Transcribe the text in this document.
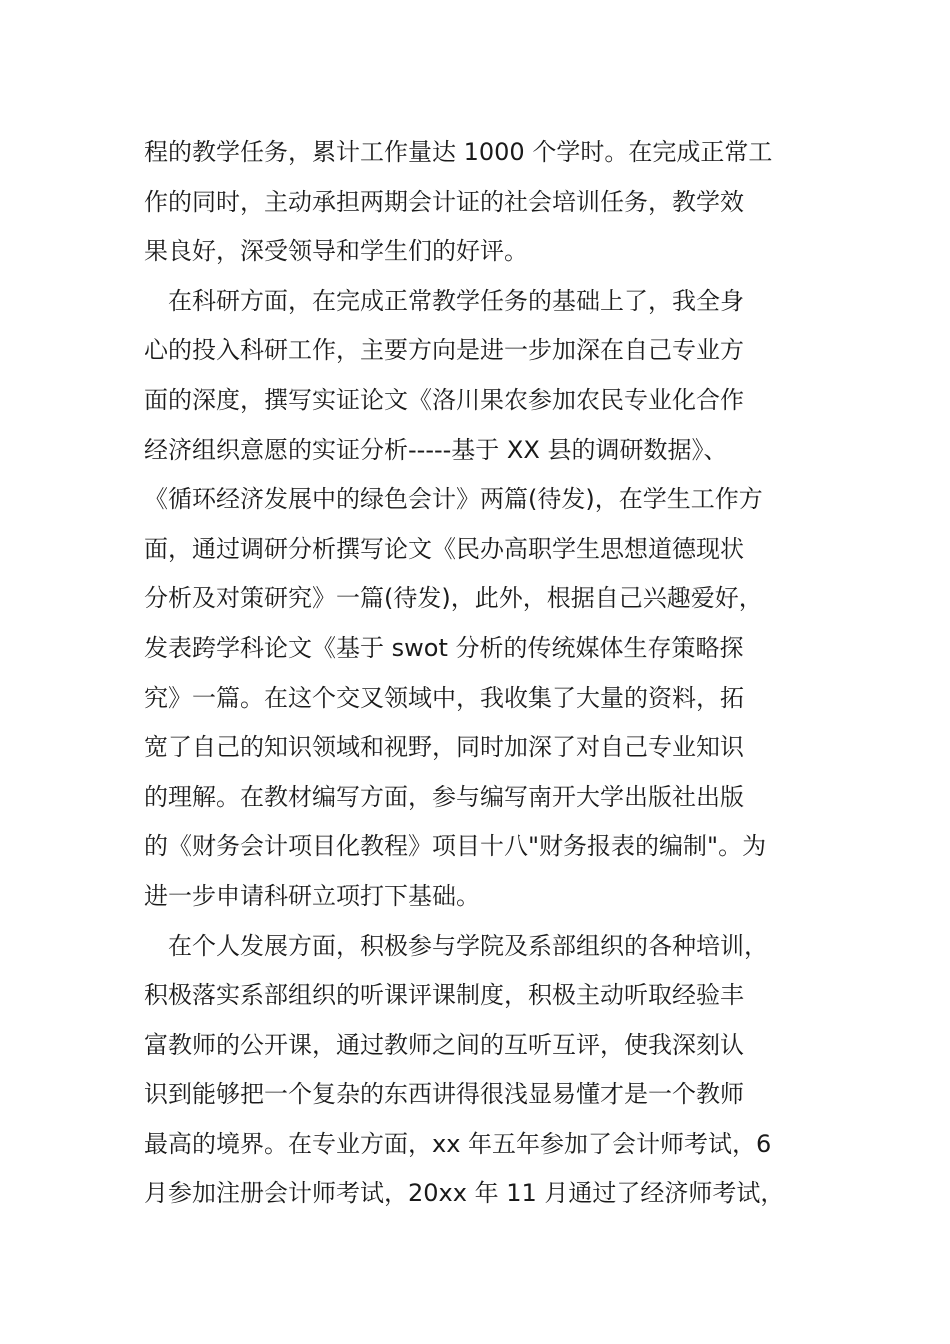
程的教学任务，累计工作量达 1000 个学时。在完成正常工
作的同时，主动承担两期会计证的社会培训任务，教学效
果良好，深受领导和学生们的好评。
　在科研方面，在完成正常教学任务的基础上了，我全身
心的投入科研工作，主要方向是进一步加深在自己专业方
面的深度，撰写实证论文《洛川果农参加农民专业化合作
经济组织意愿的实证分析-----基于 XX 县的调研数据》、
《循环经济发展中的绿色会计》两篇(待发)，在学生工作方
面，通过调研分析撰写论文《民办高职学生思想道德现状
分析及对策研究》一篇(待发)，此外，根据自己兴趣爱好，
发表跨学科论文《基于 swot 分析的传统媒体生存策略探
究》一篇。在这个交叉领域中，我收集了大量的资料，拓
宽了自己的知识领域和视野，同时加深了对自己专业知识
的理解。在教材编写方面，参与编写南开大学出版社出版
的《财务会计项目化教程》项目十八"财务报表的编制"。为
进一步申请科研立项打下基础。
　在个人发展方面，积极参与学院及系部组织的各种培训，
积极落实系部组织的听课评课制度，积极主动听取经验丰
富教师的公开课，通过教师之间的互听互评，使我深刻认
识到能够把一个复杂的东西讲得很浅显易懂才是一个教师
最高的境界。在专业方面，xx 年五年参加了会计师考试，6
月参加注册会计师考试，20xx 年 11 月通过了经济师考试，
